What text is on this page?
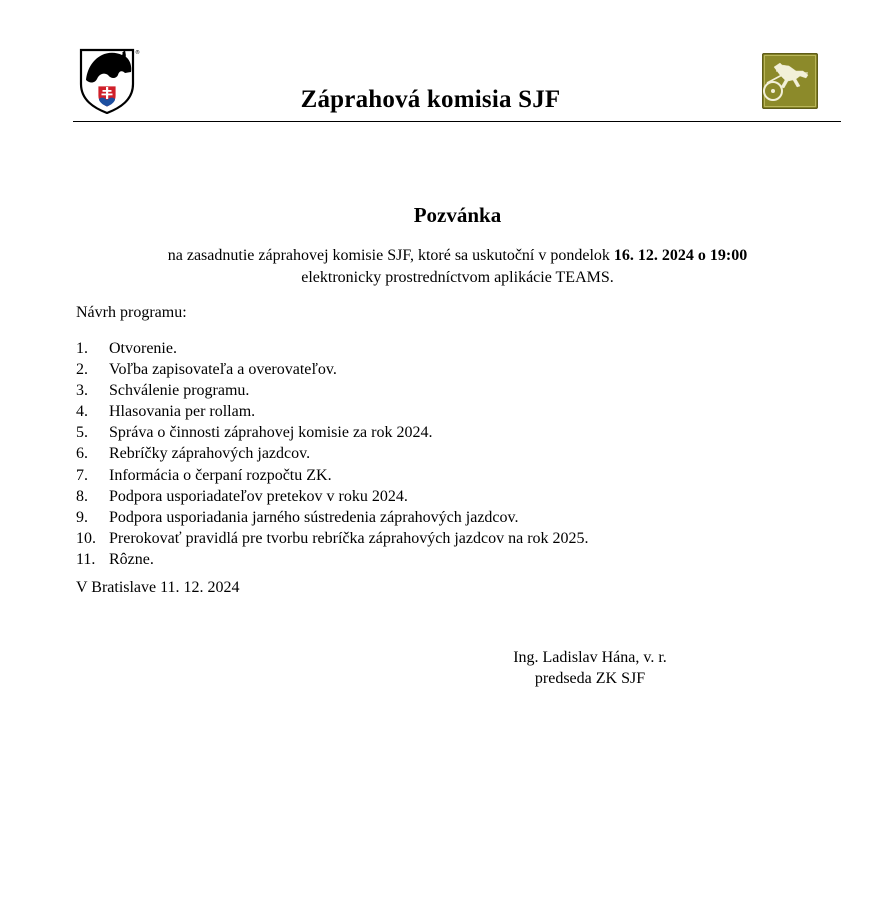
®
Záprahová komisia SJF
Pozvánka
na zasadnutie záprahovej komisie SJF, ktoré sa uskutoční v pondelok 16. 12. 2024 o 19:00
elektronicky prostredníctvom aplikácie TEAMS.
Návrh programu:
1. Otvorenie.
2. Voľba zapisovateľa a overovateľov.
3. Schválenie programu.
4. Hlasovania per rollam.
5. Správa o činnosti záprahovej komisie za rok 2024.
6. Rebríčky záprahových jazdcov.
7. Informácia o čerpaní rozpočtu ZK.
8. Podpora usporiadateľov pretekov v roku 2024.
9. Podpora usporiadania jarného sústredenia záprahových jazdcov.
10. Prerokovať pravidlá pre tvorbu rebríčka záprahových jazdcov na rok 2025.
11. Rôzne.
V Bratislave 11. 12. 2024
Ing. Ladislav Hána, v. r.
predseda ZK SJF
